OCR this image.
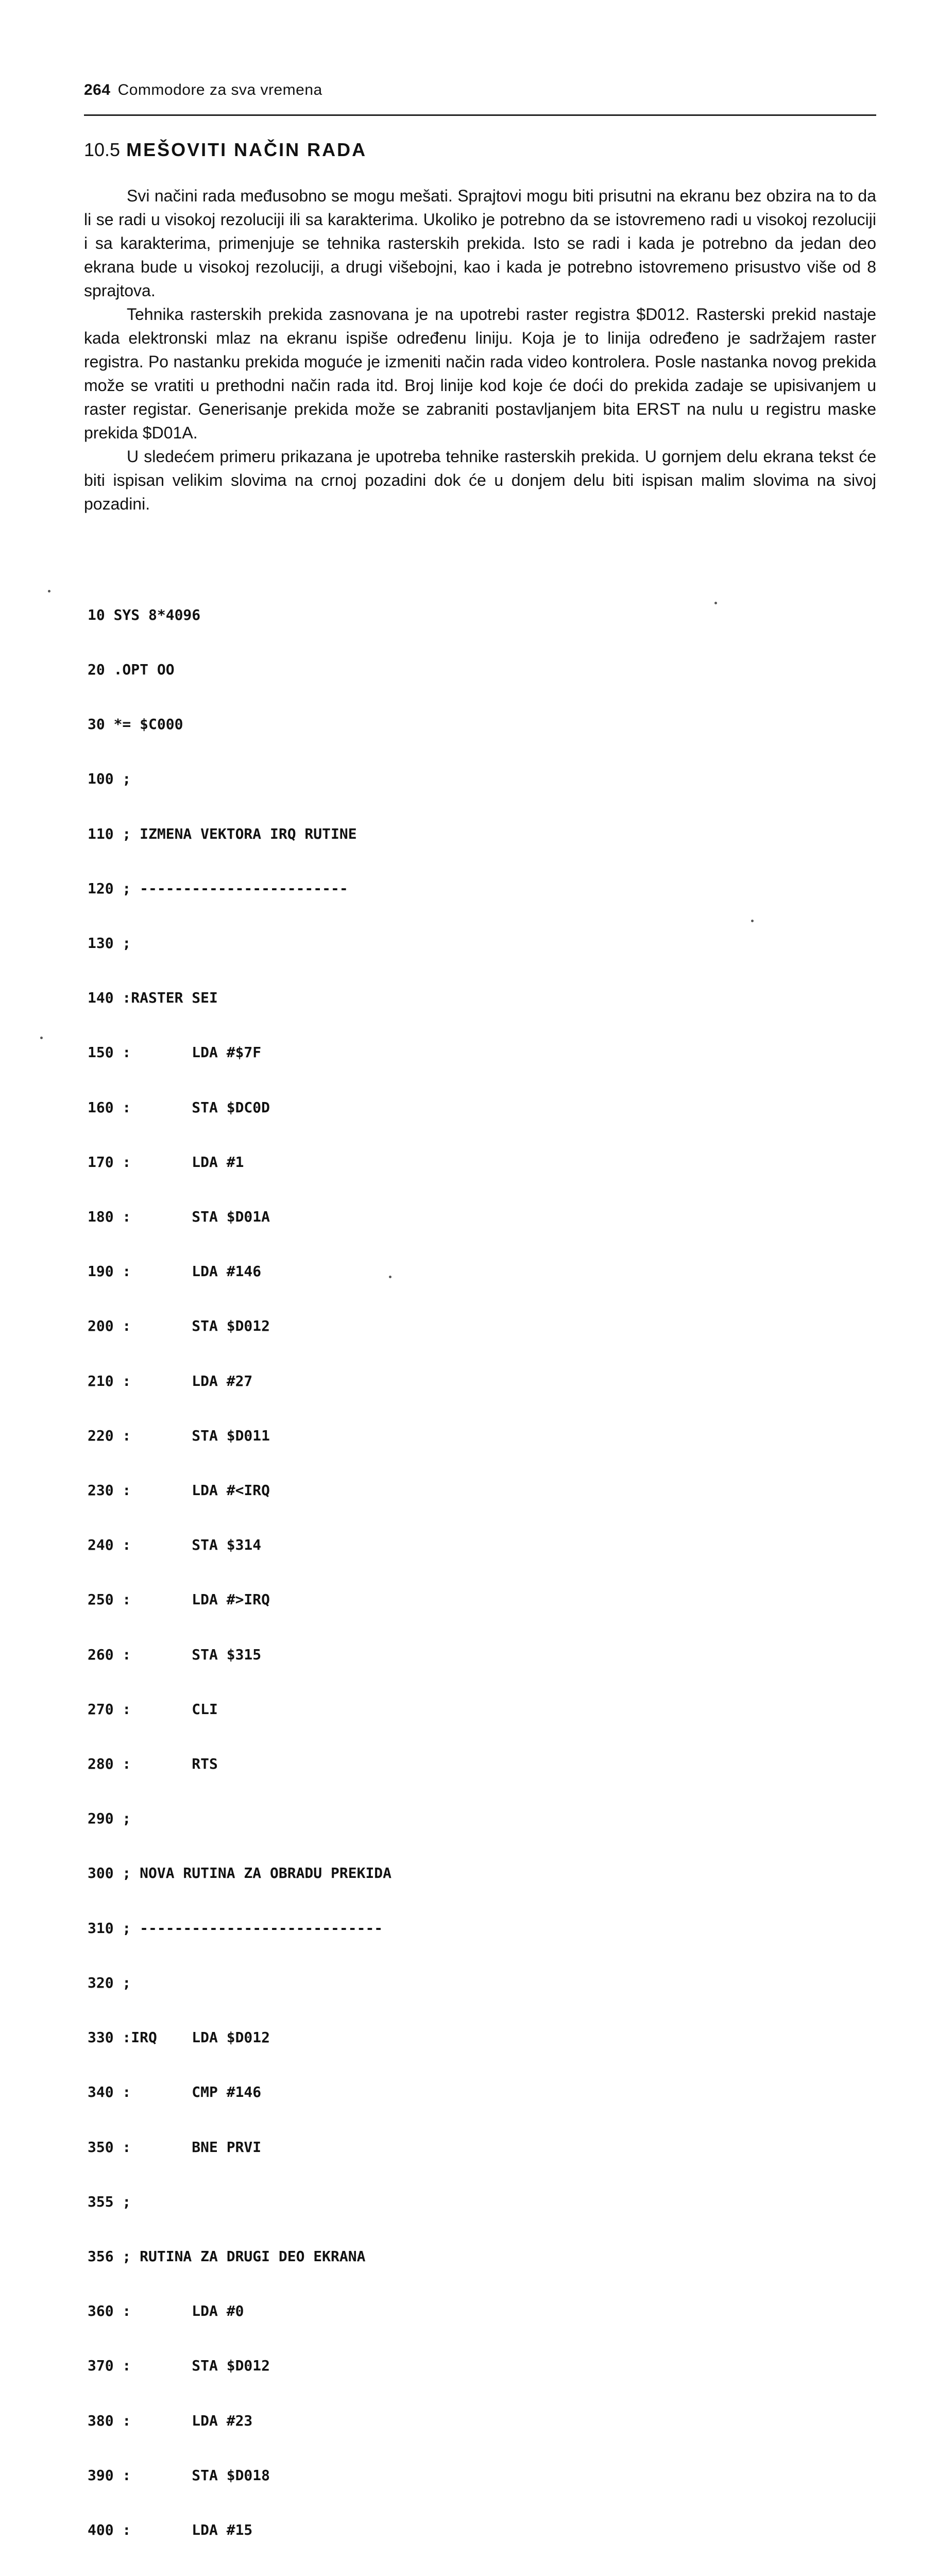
264 Commodore za sva vremena
10.5 MEŠOVITI NAČIN RADA

Svi načini rada međusobno se mogu mešati. Sprajtovi mogu biti prisutni na ekranu bez obzira na to da li se radi u visokoj rezoluciji ili sa karakterima. Ukoliko je potrebno da se istovremeno radi u visokoj rezoluciji i sa karakterima, primenjuje se tehnika rasterskih prekida. Isto se radi i kada je potrebno da jedan deo ekrana bude u visokoj rezoluciji, a drugi višebojni, kao i kada je potrebno istovremeno prisustvo više od 8 sprajtova.

Tehnika rasterskih prekida zasnovana je na upotrebi raster registra $D012. Rasterski prekid nastaje kada elektronski mlaz na ekranu ispiše određenu liniju. Koja je to linija određeno je sadržajem raster registra. Po nastanku prekida moguće je izmeniti način rada video kontrolera. Posle nastanka novog prekida može se vratiti u prethodni način rada itd. Broj linije kod koje će doći do prekida zadaje se upisivanjem u raster registar. Generisanje prekida može se zabraniti postavljanjem bita ERST na nulu u registru maske prekida $D01A.

U sledećem primeru prikazana je upotreba tehnike rasterskih prekida. U gornjem delu ekrana tekst će biti ispisan velikim slovima na crnoj pozadini dok će u donjem delu biti ispisan malim slovima na sivoj pozadini.

10 SYS 8*4096

20 .OPT OO

30 *= $C000

100 ;

110 ; IZMENA VEKTORA IRQ RUTINE

120 ; ------------------------

130 ;

140 :RASTER SEI

150 :       LDA #$7F

160 :       STA $DC0D

170 :       LDA #1

180 :       STA $D01A

190 :       LDA #146

200 :       STA $D012

210 :       LDA #27

220 :       STA $D011

230 :       LDA #<IRQ

240 :       STA $314

250 :       LDA #>IRQ

260 :       STA $315

270 :       CLI

280 :       RTS

290 ;

300 ; NOVA RUTINA ZA OBRADU PREKIDA

310 ; ----------------------------

320 ;

330 :IRQ    LDA $D012

340 :       CMP #146

350 :       BNE PRVI

355 ;

356 ; RUTINA ZA DRUGI DEO EKRANA

360 :       LDA #0

370 :       STA $D012

380 :       LDA #23

390 :       STA $D018

400 :       LDA #15
